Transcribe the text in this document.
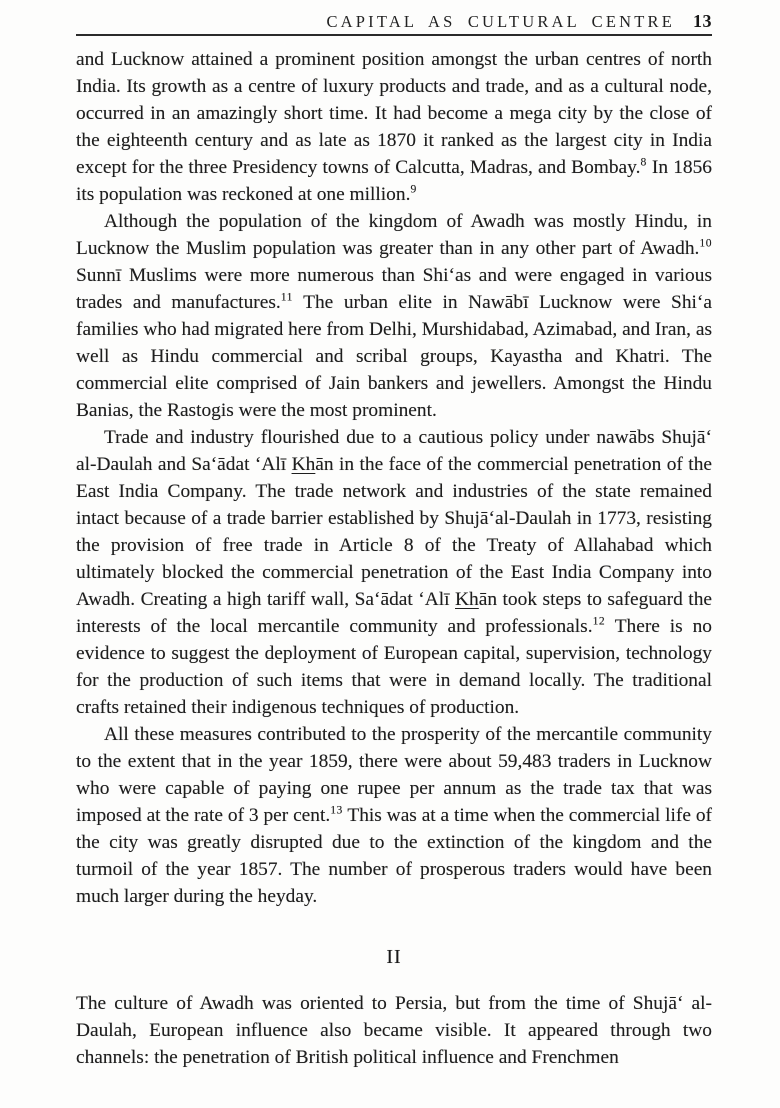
CAPITAL AS CULTURAL CENTRE 13

and Lucknow attained a prominent position amongst the urban centres of north India. Its growth as a centre of luxury products and trade, and as a cultural node, occurred in an amazingly short time. It had become a mega city by the close of the eighteenth century and as late as 1870 it ranked as the largest city in India except for the three Presidency towns of Calcutta, Madras, and Bombay.$^8$ In 1856 its population was reckoned at one million.$^9$

Although the population of the kingdom of Awadh was mostly Hindu, in Lucknow the Muslim population was greater than in any other part of Awadh.$^{10}$ Sunnī Muslims were more numerous than Shi‘as and were engaged in various trades and manufactures.$^{11}$ The urban elite in Nawābī Lucknow were Shi‘a families who had migrated here from Delhi, Murshidabad, Azimabad, and Iran, as well as Hindu commercial and scribal groups, Kayastha and Khatri. The commercial elite comprised of Jain bankers and jewellers. Amongst the Hindu Banias, the Rastogis were the most prominent.

Trade and industry flourished due to a cautious policy under nawābs Shujā‘ al-Daulah and Sa‘ādat ‘Alī Khān in the face of the commercial penetration of the East India Company. The trade network and industries of the state remained intact because of a trade barrier established by Shujā‘al-Daulah in 1773, resisting the provision of free trade in Article 8 of the Treaty of Allahabad which ultimately blocked the commercial penetration of the East India Company into Awadh. Creating a high tariff wall, Sa‘ādat ‘Alī Khān took steps to safeguard the interests of the local mercantile community and professionals.$^{12}$ There is no evidence to suggest the deployment of European capital, supervision, technology for the production of such items that were in demand locally. The traditional crafts retained their indigenous techniques of production.

All these measures contributed to the prosperity of the mercantile community to the extent that in the year 1859, there were about 59,483 traders in Lucknow who were capable of paying one rupee per annum as the trade tax that was imposed at the rate of 3 per cent.$^{13}$ This was at a time when the commercial life of the city was greatly disrupted due to the extinction of the kingdom and the turmoil of the year 1857. The number of prosperous traders would have been much larger during the heyday.

II

The culture of Awadh was oriented to Persia, but from the time of Shujā‘ al-Daulah, European influence also became visible. It appeared through two channels: the penetration of British political influence and Frenchmen
